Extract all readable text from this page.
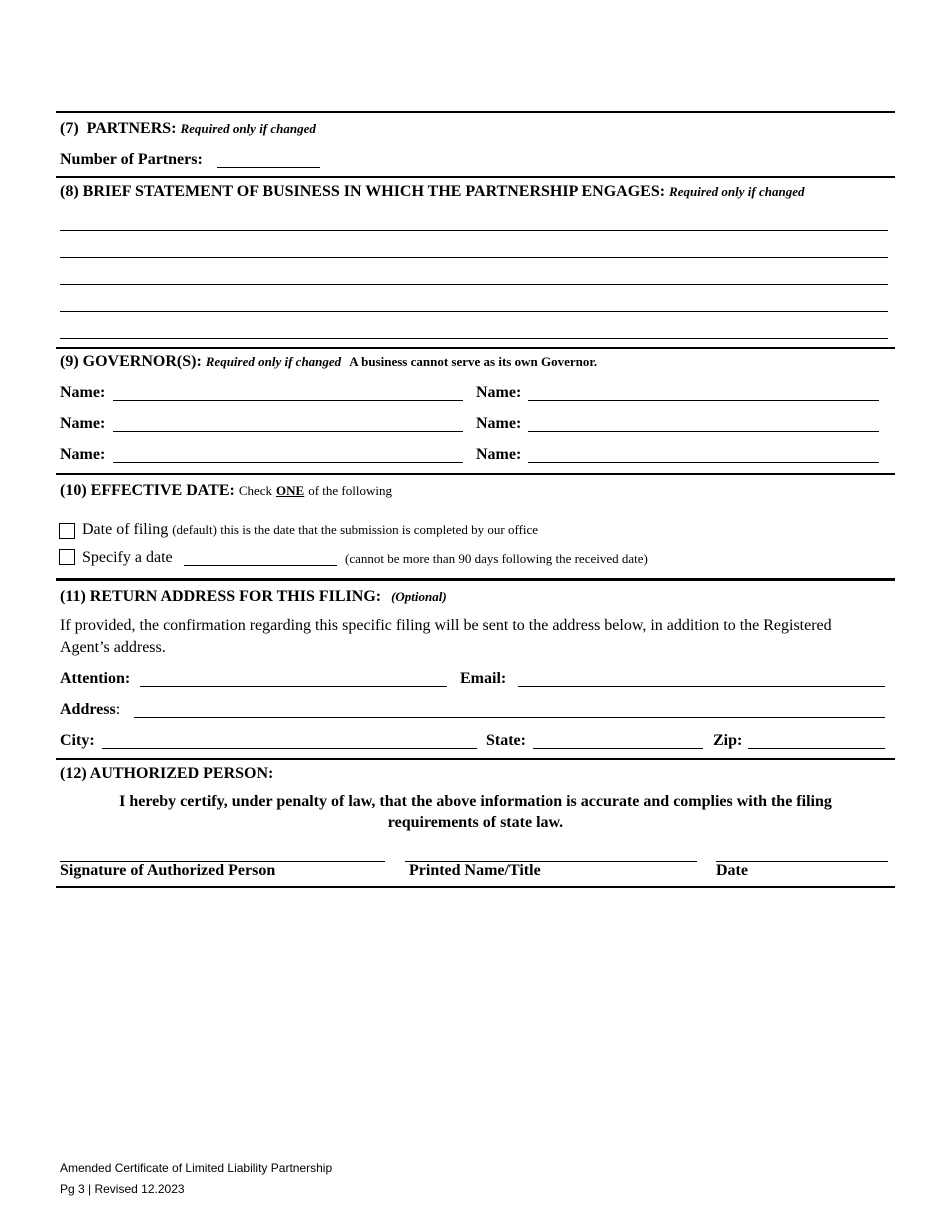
(7) PARTNERS: Required only if changed
Number of Partners:
(8) BRIEF STATEMENT OF BUSINESS IN WHICH THE PARTNERSHIP ENGAGES: Required only if changed
(9) GOVERNOR(S): Required only if changed A business cannot serve as its own Governor.
Name:	Name:
Name:	Name:
Name:	Name:
(10) EFFECTIVE DATE: Check ONE of the following
Date of filing (default) this is the date that the submission is completed by our office
Specify a date	(cannot be more than 90 days following the received date)
(11) RETURN ADDRESS FOR THIS FILING: (Optional)
If provided, the confirmation regarding this specific filing will be sent to the address below, in addition to the Registered
Agent’s address.
Attention:	Email:
Address:
City:	State:	Zip:
(12) AUTHORIZED PERSON:
I hereby certify, under penalty of law, that the above information is accurate and complies with the filing
requirements of state law.
Signature of Authorized Person	Printed Name/Title	Date
Amended Certificate of Limited Liability Partnership
Pg 3 | Revised 12.2023
